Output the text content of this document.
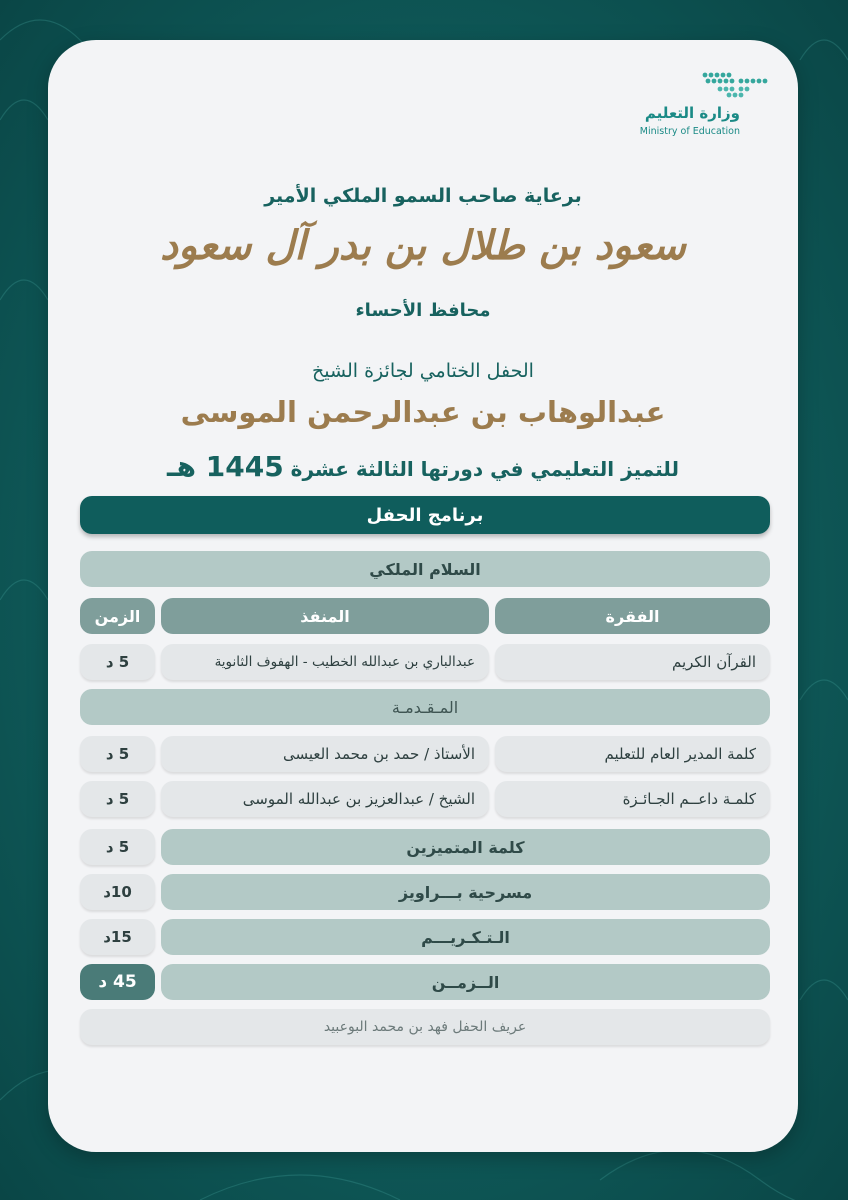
وزارة التعليم
Ministry of Education
برعاية صاحب السمو الملكي الأمير
سعود بن طلال بن بدر آل سعود
محافظ الأحساء
الحفل الختامي لجائزة الشيخ
عبدالوهاب بن عبدالرحمن الموسى
للتميز التعليمي في دورتها الثالثة عشرة 1445 هـ
برنامج الحفل
السلام الملكي
الفقرة
المنفذ
الزمن
القرآن الكريم
عبدالباري بن عبدالله الخطيب - الهفوف الثانوية
5 د
المـقـدمـة
كلمة المدير العام للتعليم
الأستاذ / حمد بن محمد العيسى
5 د
كلمـة داعــم الجـائـزة
الشيخ / عبدالعزيز بن عبدالله الموسى
5 د
كلمة المتميزين
5 د
مسرحية بـــراويز
10د
الـتـكـريـــم
15د
الــزمــن
45 د
عريف الحفل فهد بن محمد البوعبيد
